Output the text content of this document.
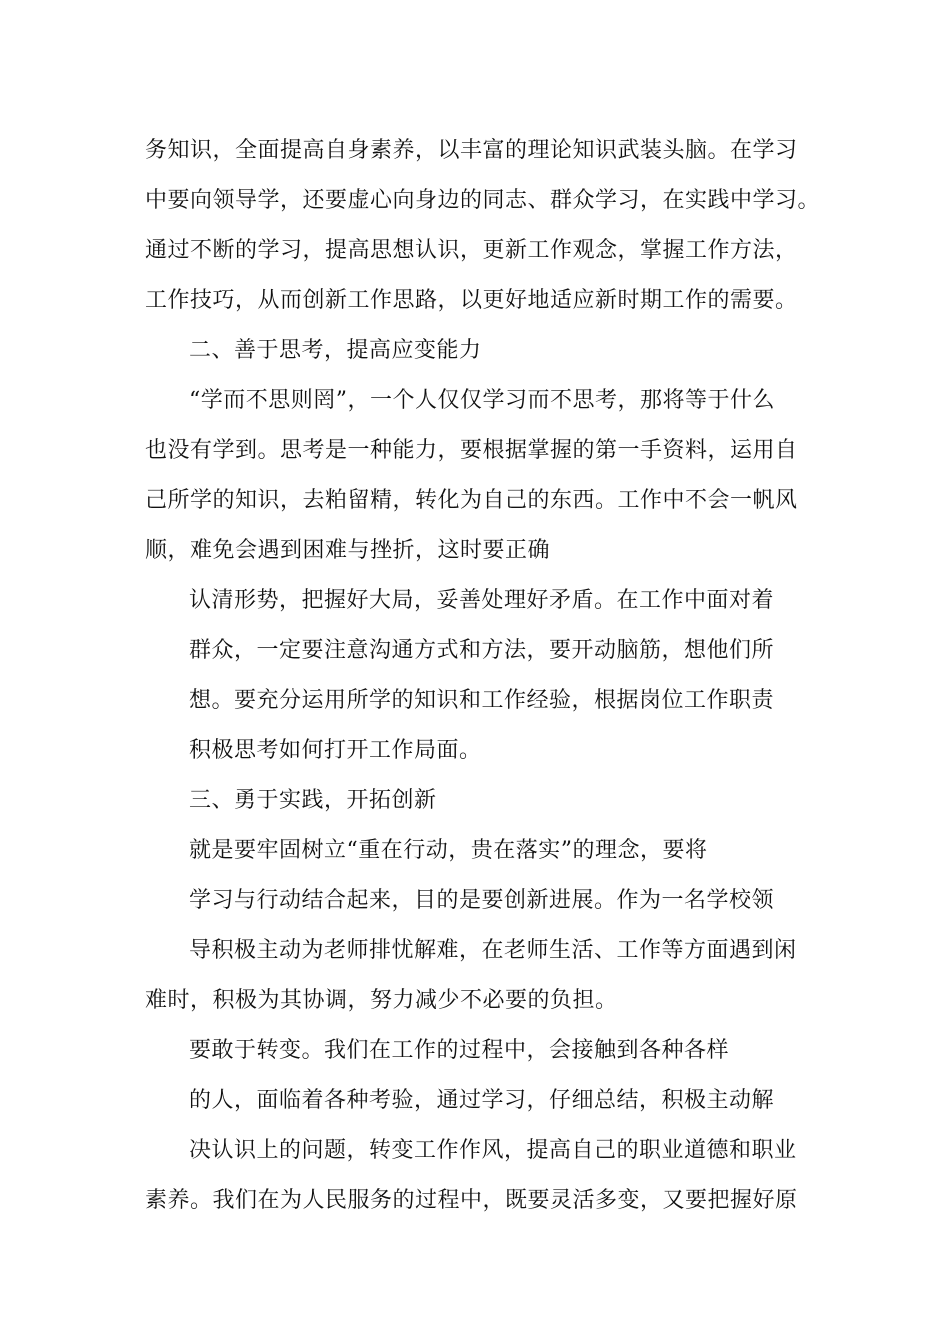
务知识，全面提高自身素养，以丰富的理论知识武装头脑。在学习
中要向领导学，还要虚心向身边的同志、群众学习，在实践中学习。
通过不断的学习，提高思想认识，更新工作观念，掌握工作方法，
工作技巧，从而创新工作思路，以更好地适应新时期工作的需要。
二、善于思考，提高应变能力
“学而不思则罔”，一个人仅仅学习而不思考，那将等于什么
也没有学到。思考是一种能力，要根据掌握的第一手资料，运用自
己所学的知识，去粕留精，转化为自己的东西。工作中不会一帆风
顺，难免会遇到困难与挫折，这时要正确
认清形势，把握好大局，妥善处理好矛盾。在工作中面对着
群众，一定要注意沟通方式和方法，要开动脑筋，想他们所
想。要充分运用所学的知识和工作经验，根据岗位工作职责
积极思考如何打开工作局面。
三、勇于实践，开拓创新
就是要牢固树立“重在行动，贵在落实”的理念，要将
学习与行动结合起来，目的是要创新进展。作为一名学校领
导积极主动为老师排忧解难，在老师生活、工作等方面遇到闲
难时，积极为其协调，努力减少不必要的负担。
要敢于转变。我们在工作的过程中，会接触到各种各样
的人，面临着各种考验，通过学习，仔细总结，积极主动解
决认识上的问题，转变工作作风，提高自己的职业道德和职业
素养。我们在为人民服务的过程中，既要灵活多变，又要把握好原
